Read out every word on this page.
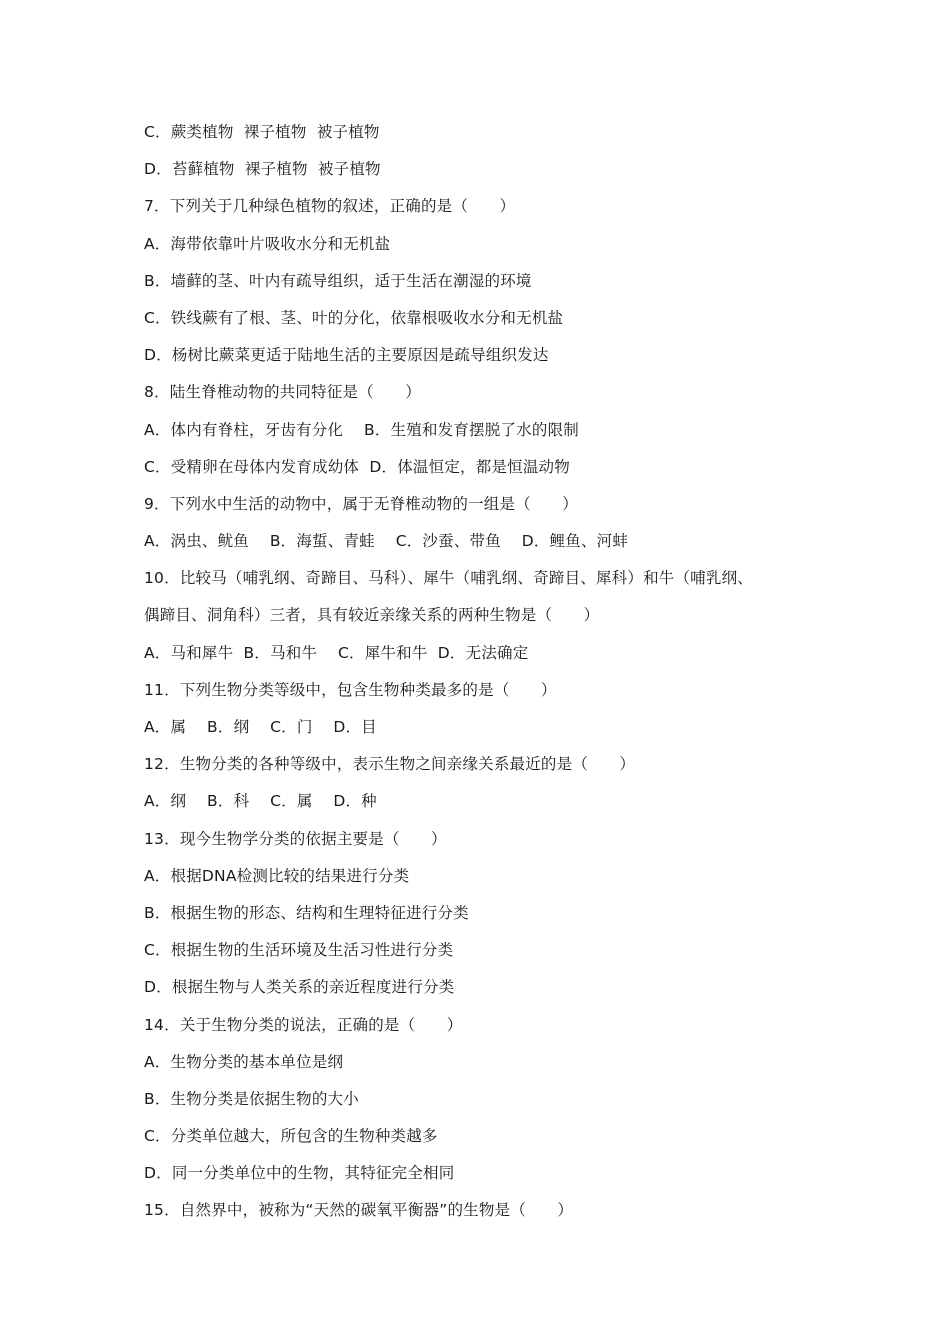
C．蕨类植物  裸子植物  被子植物
D．苔藓植物  裸子植物  被子植物
7．下列关于几种绿色植物的叙述，正确的是（　　）
A．海带依靠叶片吸收水分和无机盐
B．墙藓的茎、叶内有疏导组织，适于生活在潮湿的环境
C．铁线蕨有了根、茎、叶的分化，依靠根吸收水分和无机盐
D．杨树比蕨菜更适于陆地生活的主要原因是疏导组织发达
8．陆生脊椎动物的共同特征是（　　）
A．体内有脊柱，牙齿有分化　 B．生殖和发育摆脱了水的限制
C．受精卵在母体内发育成幼体  D．体温恒定，都是恒温动物
9．下列水中生活的动物中，属于无脊椎动物的一组是（　　）
A．涡虫、鱿鱼　 B．海蜇、青蛙　 C．沙蚕、带鱼　 D．鲤鱼、河蚌
10．比较马（哺乳纲、奇蹄目、马科）、犀牛（哺乳纲、奇蹄目、犀科）和牛（哺乳纲、
偶蹄目、洞角科）三者，具有较近亲缘关系的两种生物是（　　）
A．马和犀牛  B．马和牛　 C．犀牛和牛  D．无法确定
11．下列生物分类等级中，包含生物种类最多的是（　　）
A．属　 B．纲　 C．门　 D．目
12．生物分类的各种等级中，表示生物之间亲缘关系最近的是（　　）
A．纲　 B．科　 C．属　 D．种
13．现今生物学分类的依据主要是（　　）
A．根据DNA检测比较的结果进行分类
B．根据生物的形态、结构和生理特征进行分类
C．根据生物的生活环境及生活习性进行分类
D．根据生物与人类关系的亲近程度进行分类
14．关于生物分类的说法，正确的是（　　）
A．生物分类的基本单位是纲
B．生物分类是依据生物的大小
C．分类单位越大，所包含的生物种类越多
D．同一分类单位中的生物，其特征完全相同
15．自然界中，被称为“天然的碳氧平衡器”的生物是（　　）
